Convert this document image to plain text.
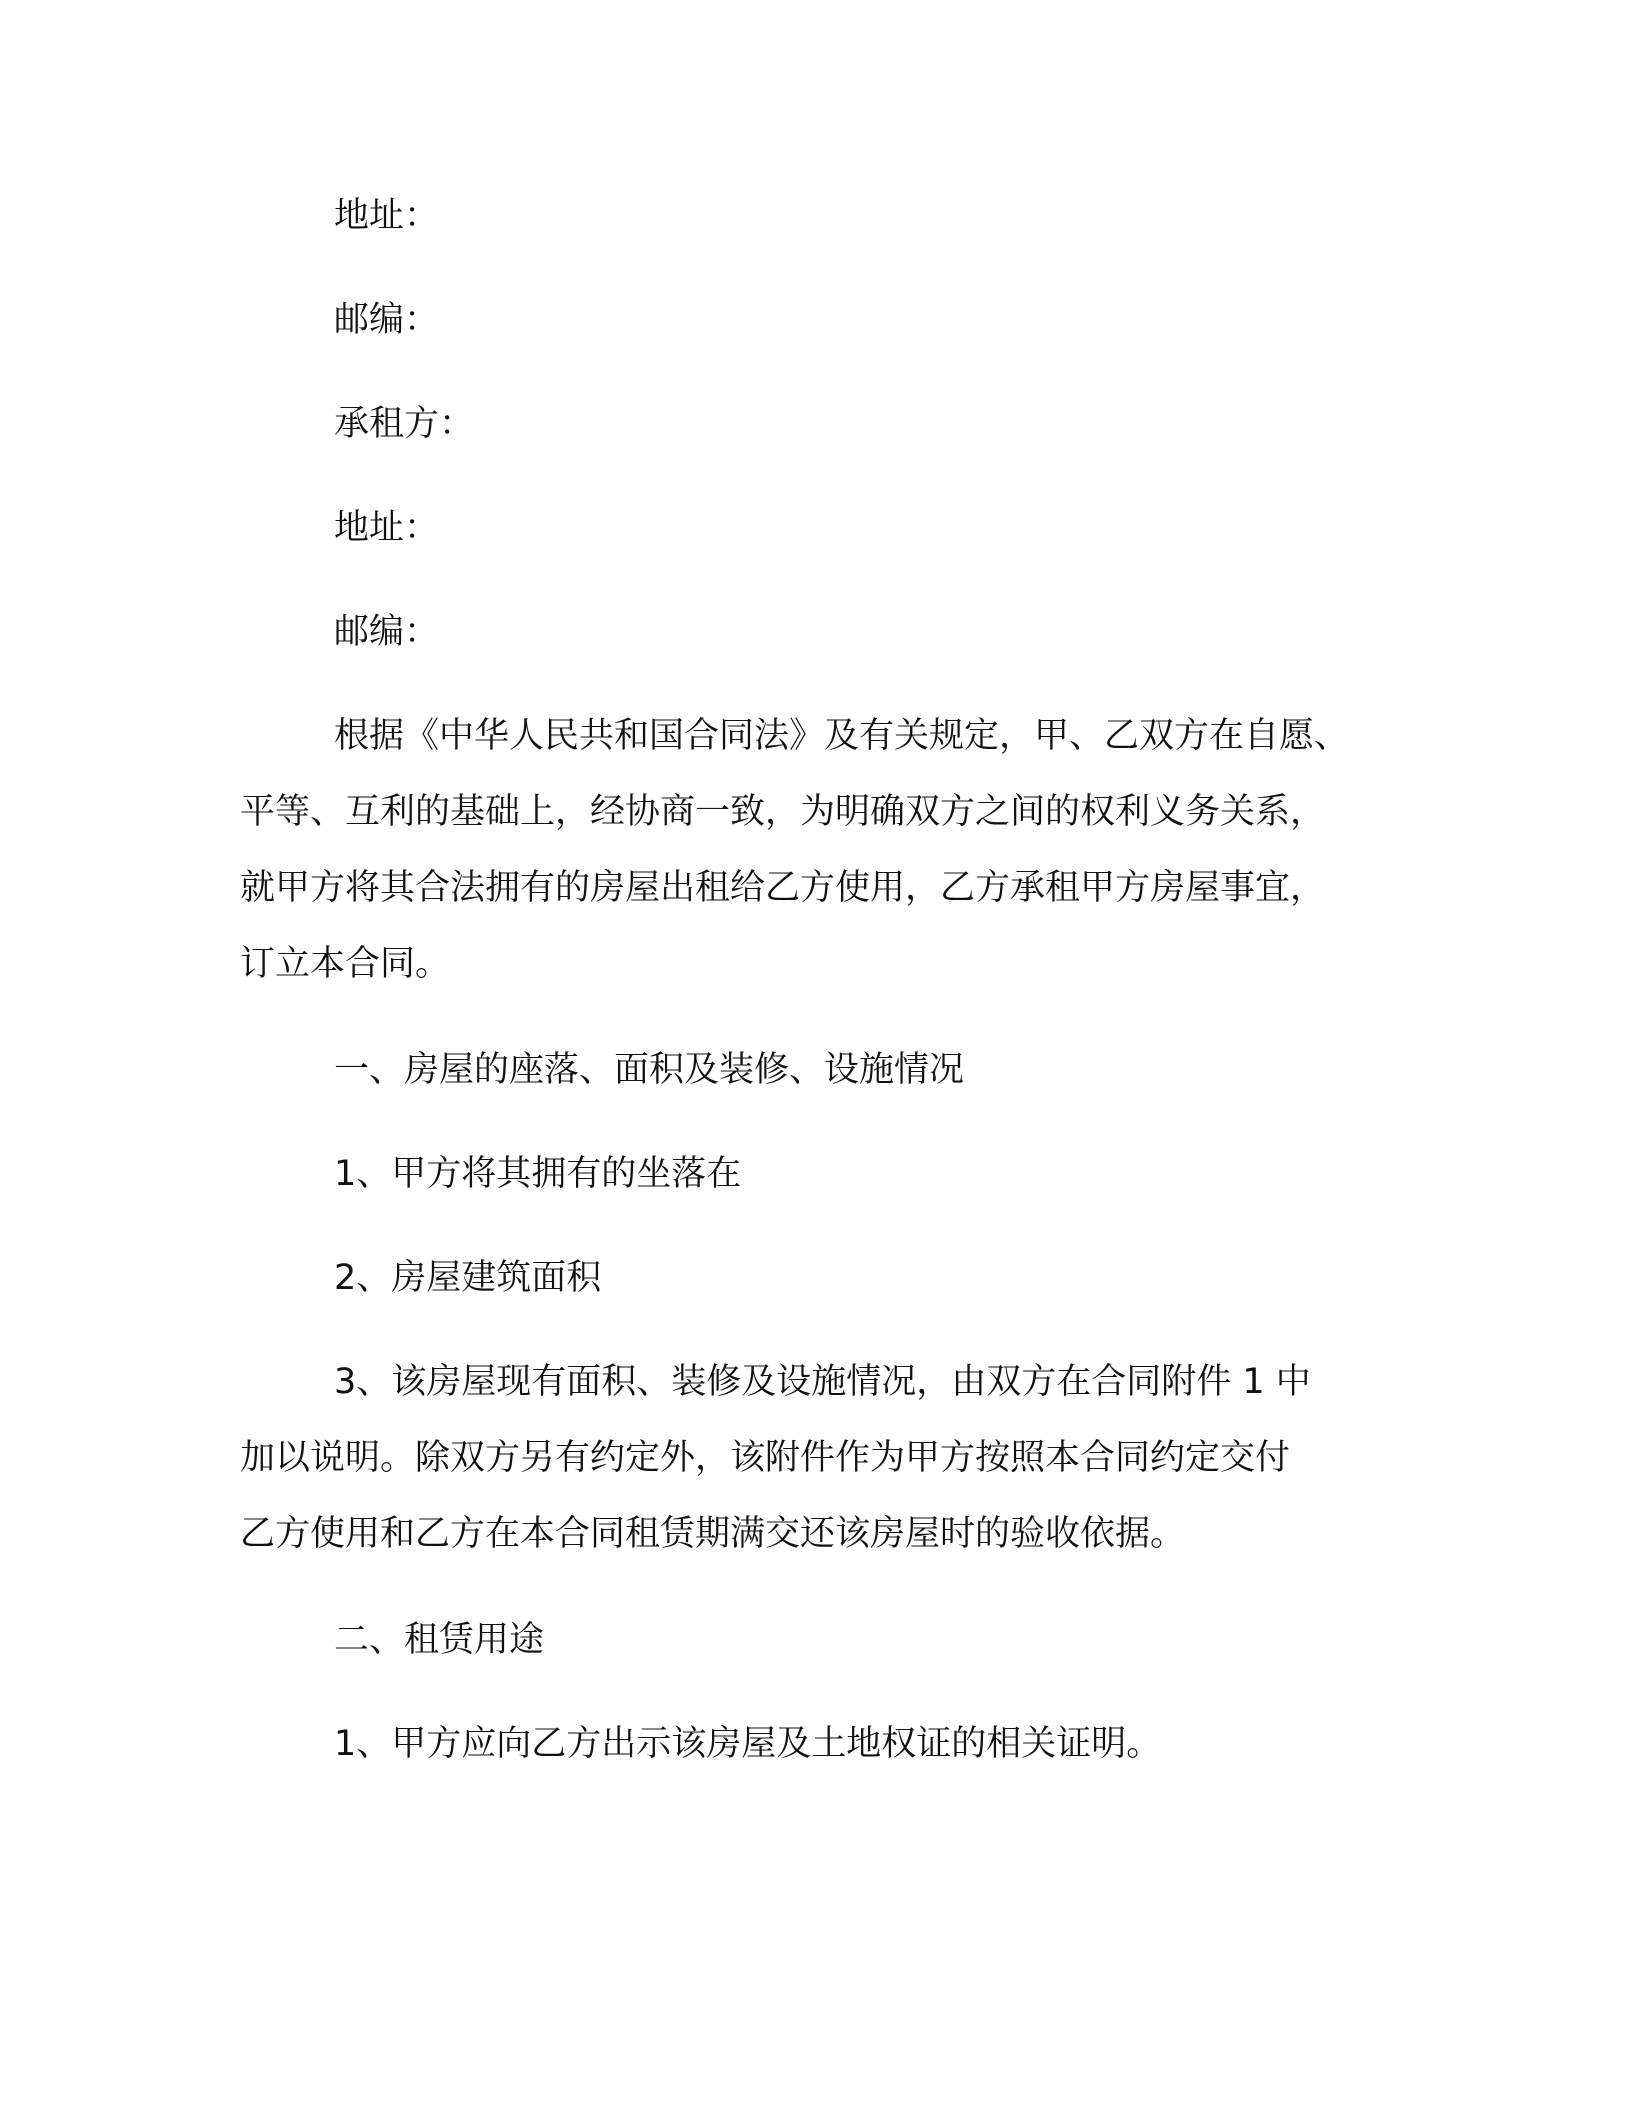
地址：
邮编：
承租方：
地址：
邮编：
根据《中华人民共和国合同法》及有关规定，甲、乙双方在自愿、
平等、互利的基础上，经协商一致，为明确双方之间的权利义务关系，
就甲方将其合法拥有的房屋出租给乙方使用，乙方承租甲方房屋事宜，
订立本合同。
一、房屋的座落、面积及装修、设施情况
1、甲方将其拥有的坐落在
2、房屋建筑面积
3、该房屋现有面积、装修及设施情况，由双方在合同附件 1 中
加以说明。除双方另有约定外，该附件作为甲方按照本合同约定交付
乙方使用和乙方在本合同租赁期满交还该房屋时的验收依据。
二、租赁用途
1、甲方应向乙方出示该房屋及土地权证的相关证明。
